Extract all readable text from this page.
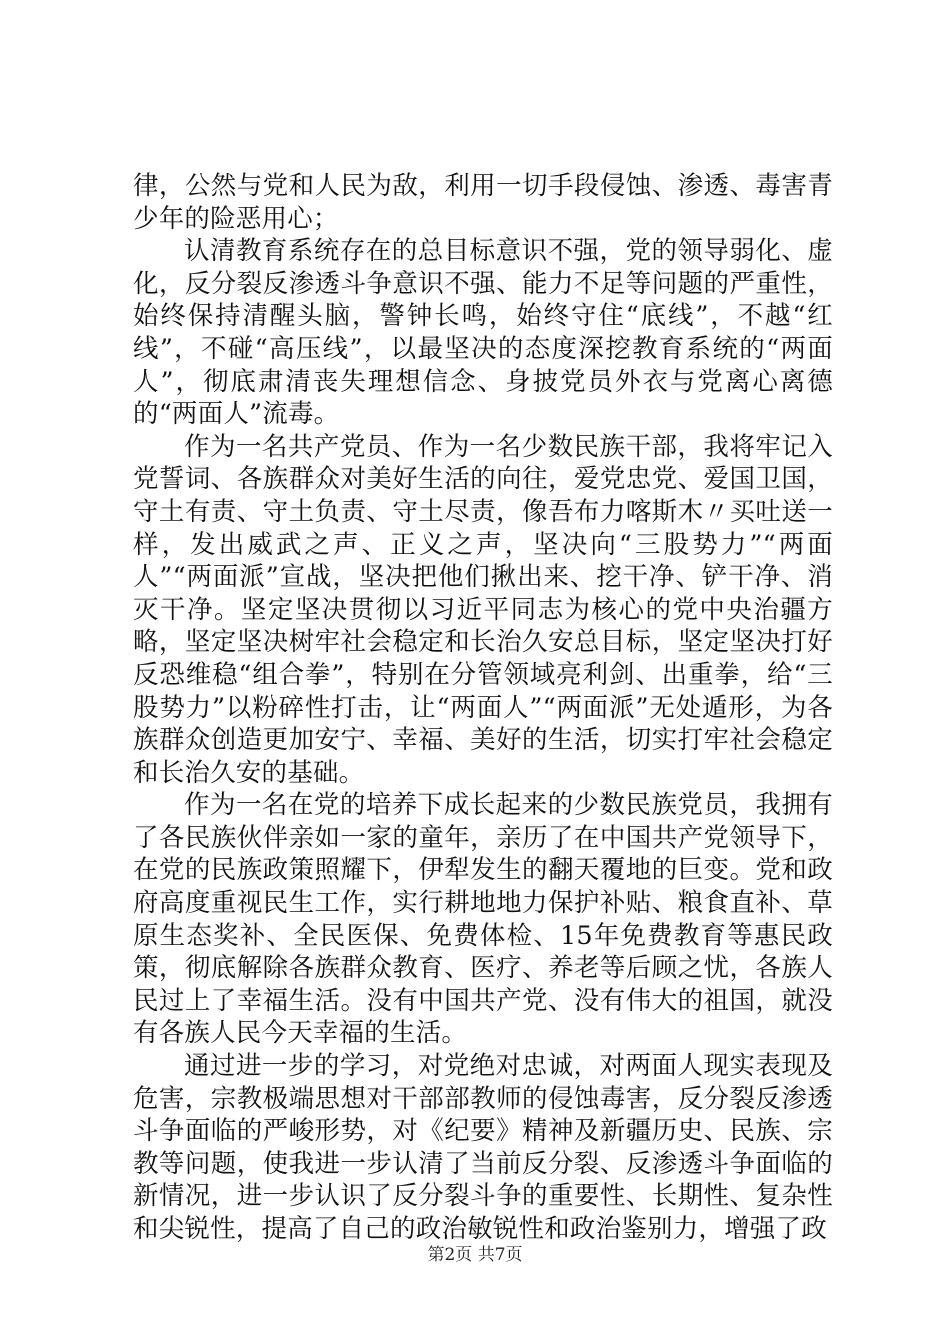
律，公然与党和人民为敌，利用一切手段侵蚀、渗透、毒害青少年的险恶用心；

认清教育系统存在的总目标意识不强，党的领导弱化、虚化，反分裂反渗透斗争意识不强、能力不足等问题的严重性，始终保持清醒头脑，警钟长鸣，始终守住“底线”，不越“红线”，不碰“高压线”，以最坚决的态度深挖教育系统的“两面人”，彻底肃清丧失理想信念、身披党员外衣与党离心离德的“两面人”流毒。

作为一名共产党员、作为一名少数民族干部，我将牢记入党誓词、各族群众对美好生活的向往，爱党忠党、爱国卫国，守土有责、守土负责、守土尽责，像吾布力喀斯木〃买吐送一样，发出威武之声、正义之声，坚决向“三股势力”“两面人”“两面派”宣战，坚决把他们揪出来、挖干净、铲干净、消灭干净。坚定坚决贯彻以习近平同志为核心的党中央治疆方略，坚定坚决树牢社会稳定和长治久安总目标，坚定坚决打好反恐维稳“组合拳”，特别在分管领域亮利剑、出重拳，给“三股势力”以粉碎性打击，让“两面人”“两面派”无处遁形，为各族群众创造更加安宁、幸福、美好的生活，切实打牢社会稳定和长治久安的基础。

作为一名在党的培养下成长起来的少数民族党员，我拥有了各民族伙伴亲如一家的童年，亲历了在中国共产党领导下，在党的民族政策照耀下，伊犁发生的翻天覆地的巨变。党和政府高度重视民生工作，实行耕地地力保护补贴、粮食直补、草原生态奖补、全民医保、免费体检、15年免费教育等惠民政策，彻底解除各族群众教育、医疗、养老等后顾之忧，各族人民过上了幸福生活。没有中国共产党、没有伟大的祖国，就没有各族人民今天幸福的生活。

通过进一步的学习，对党绝对忠诚，对两面人现实表现及危害，宗教极端思想对干部部教师的侵蚀毒害，反分裂反渗透斗争面临的严峻形势，对《纪要》精神及新疆历史、民族、宗教等问题，使我进一步认清了当前反分裂、反渗透斗争面临的新情况，进一步认识了反分裂斗争的重要性、长期性、复杂性和尖锐性，提高了自己的政治敏锐性和政治鉴别力，增强了政

第2页 共7页
